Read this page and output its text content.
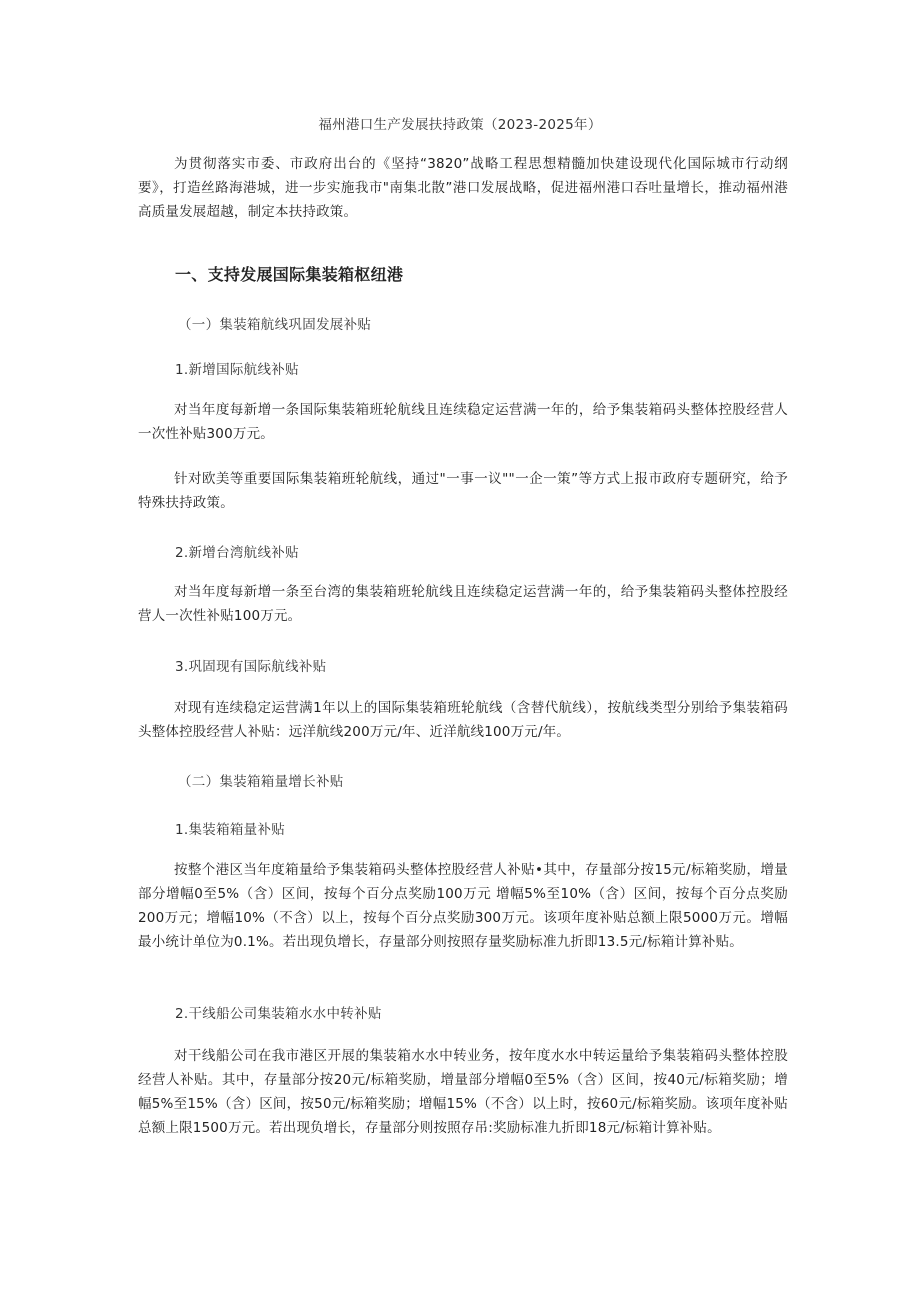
福州港口生产发展扶持政策（2023-2025年）
为贯彻落实市委、市政府出台的《坚持“3820”战略工程思想精髓加快建设现代化国际城市行动纲要》，打造丝路海港城，进一步实施我市"南集北散”港口发展战略，促进福州港口吞吐量增长，推动福州港高质量发展超越，制定本扶持政策。
一、支持发展国际集装箱枢纽港
（一）集装箱航线巩固发展补贴
1.新增国际航线补贴
对当年度每新增一条国际集装箱班轮航线且连续稳定运营满一年的，给予集装箱码头整体控股经营人一次性补贴300万元。
针对欧美等重要国际集装箱班轮航线，通过"一事一议""一企一策”等方式上报市政府专题研究，给予特殊扶持政策。
2.新增台湾航线补贴
对当年度每新增一条至台湾的集装箱班轮航线且连续稳定运营满一年的，给予集装箱码头整体控股经营人一次性补贴100万元。
3.巩固现有国际航线补贴
对现有连续稳定运营满1年以上的国际集装箱班轮航线（含替代航线），按航线类型分别给予集装箱码头整体控股经营人补贴：远洋航线200万元/年、近洋航线100万元/年。
（二）集装箱箱量增长补贴
1.集装箱箱量补贴
按整个港区当年度箱量给予集装箱码头整体控股经营人补贴•其中，存量部分按15元/标箱奖励，增量部分增幅0至5%（含）区间，按每个百分点奖励100万元 增幅5%至10%（含）区间，按每个百分点奖励200万元；增幅10%（不含）以上，按每个百分点奖励300万元。该项年度补贴总额上限5000万元。增幅最小统计单位为0.1%。若出现负增长，存量部分则按照存量奖励标准九折即13.5元/标箱计算补贴。
2.干线船公司集装箱水水中转补贴
对干线船公司在我市港区开展的集装箱水水中转业务，按年度水水中转运量给予集装箱码头整体控股经营人补贴。其中，存量部分按20元/标箱奖励，增量部分增幅0至5%（含）区间，按40元/标箱奖励；增幅5%至15%（含）区间，按50元/标箱奖励；增幅15%（不含）以上时，按60元/标箱奖励。该项年度补贴总额上限1500万元。若出现负增长，存量部分则按照存吊:奖励标准九折即18元/标箱计算补贴。
